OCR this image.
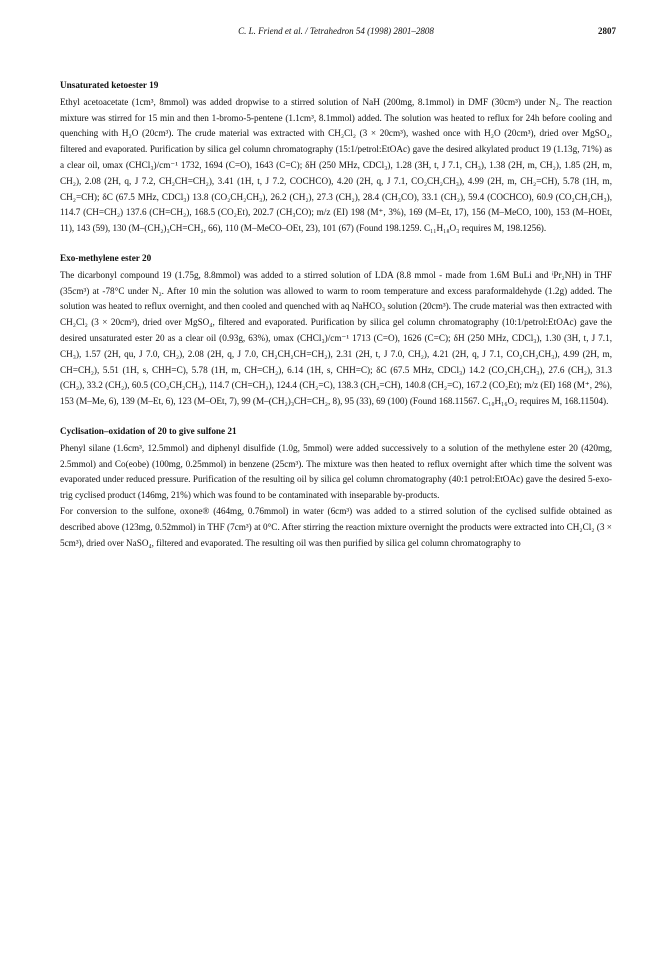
C. L. Friend et al. / Tetrahedron 54 (1998) 2801–2808	2807
Unsaturated ketoester 19

Ethyl acetoacetate (1cm³, 8mmol) was added dropwise to a stirred solution of NaH (200mg, 8.1mmol) in DMF (30cm³) under N₂. The reaction mixture was stirred for 15 min and then 1-bromo-5-pentene (1.1cm³, 8.1mmol) added. The solution was heated to reflux for 24h before cooling and quenching with H₂O (20cm³). The crude material was extracted with CH₂Cl₂ (3 × 20cm³), washed once with H₂O (20cm³), dried over MgSO₄, filtered and evaporated. Purification by silica gel column chromatography (15:1/petrol:EtOAc) gave the desired alkylated product 19 (1.13g, 71%) as a clear oil, υmax (CHCl₃)/cm⁻¹ 1732, 1694 (C=O), 1643 (C=C); δH (250 MHz, CDCl₃), 1.28 (3H, t, J 7.1, CH₃), 1.38 (2H, m, CH₂), 1.85 (2H, m, CH₂), 2.08 (2H, q, J 7.2, CH₂CH=CH₂), 3.41 (1H, t, J 7.2, COCHCO), 4.20 (2H, q, J 7.1, CO₂CH₂CH₃), 4.99 (2H, m, CH₂=CH), 5.78 (1H, m, CH₂=CH); δC (67.5 MHz, CDCl₃) 13.8 (CO₂CH₂CH₃), 26.2 (CH₂), 27.3 (CH₂), 28.4 (CH₃CO), 33.1 (CH₂), 59.4 (COCHCO), 60.9 (CO₂CH₂CH₃), 114.7 (CH=CH₂) 137.6 (CH=CH₂), 168.5 (CO₂Et), 202.7 (CH₃CO); m/z (EI) 198 (M⁺, 3%), 169 (M–Et, 17), 156 (M–MeCO, 100), 153 (M–HOEt, 11), 143 (59), 130 (M–(CH₂)₃CH=CH₂, 66), 110 (M–MeCO–OEt, 23), 101 (67) (Found 198.1259. C₁₁H₁₈O₃ requires M, 198.1256).

Exo-methylene ester 20

The dicarbonyl compound 19 (1.75g, 8.8mmol) was added to a stirred solution of LDA (8.8 mmol - made from 1.6M BuLi and ⁱPr₂NH) in THF (35cm³) at -78°C under N₂. After 10 min the solution was allowed to warm to room temperature and excess paraformaldehyde (1.2g) added. The solution was heated to reflux overnight, and then cooled and quenched with aq NaHCO₃ solution (20cm³). The crude material was then extracted with CH₂Cl₂ (3 × 20cm³), dried over MgSO₄, filtered and evaporated. Purification by silica gel column chromatography (10:1/petrol:EtOAc) gave the desired unsaturated ester 20 as a clear oil (0.93g, 63%), υmax (CHCl₃)/cm⁻¹ 1713 (C=O), 1626 (C=C); δH (250 MHz, CDCl₃), 1.30 (3H, t, J 7.1, CH₃), 1.57 (2H, qu, J 7.0, CH₂), 2.08 (2H, q, J 7.0, CH₂CH₂CH=CH₂), 2.31 (2H, t, J 7.0, CH₂), 4.21 (2H, q, J 7.1, CO₂CH₂CH₃), 4.99 (2H, m, CH=CH₂), 5.51 (1H, s, CHH=C), 5.78 (1H, m, CH=CH₂), 6.14 (1H, s, CHH=C); δC (67.5 MHz, CDCl₃) 14.2 (CO₂CH₂CH₃), 27.6 (CH₂), 31.3 (CH₂), 33.2 (CH₂), 60.5 (CO₂CH₂CH₃), 114.7 (CH=CH₂), 124.4 (CH₂=C), 138.3 (CH₂=CH), 140.8 (CH₂=C), 167.2 (CO₂Et); m/z (EI) 168 (M⁺, 2%), 153 (M–Me, 6), 139 (M–Et, 6), 123 (M–OEt, 7), 99 (M–(CH₂)₃CH=CH₂, 8), 95 (33), 69 (100) (Found 168.11567. C₁₀H₁₆O₂ requires M, 168.11504).

Cyclisation–oxidation of 20 to give sulfone 21

Phenyl silane (1.6cm³, 12.5mmol) and diphenyl disulfide (1.0g, 5mmol) were added successively to a solution of the methylene ester 20 (420mg, 2.5mmol) and Co(eobe) (100mg, 0.25mmol) in benzene (25cm³). The mixture was then heated to reflux overnight after which time the solvent was evaporated under reduced pressure. Purification of the resulting oil by silica gel column chromatography (40:1 petrol:EtOAc) gave the desired 5-exo-trig cyclised product (146mg, 21%) which was found to be contaminated with inseparable by-products.

For conversion to the sulfone, oxone® (464mg, 0.76mmol) in water (6cm³) was added to a stirred solution of the cyclised sulfide obtained as described above (123mg, 0.52mmol) in THF (7cm³) at 0°C. After stirring the reaction mixture overnight the products were extracted into CH₂Cl₂ (3 × 5cm³), dried over NaSO₄, filtered and evaporated. The resulting oil was then purified by silica gel column chromatography to
